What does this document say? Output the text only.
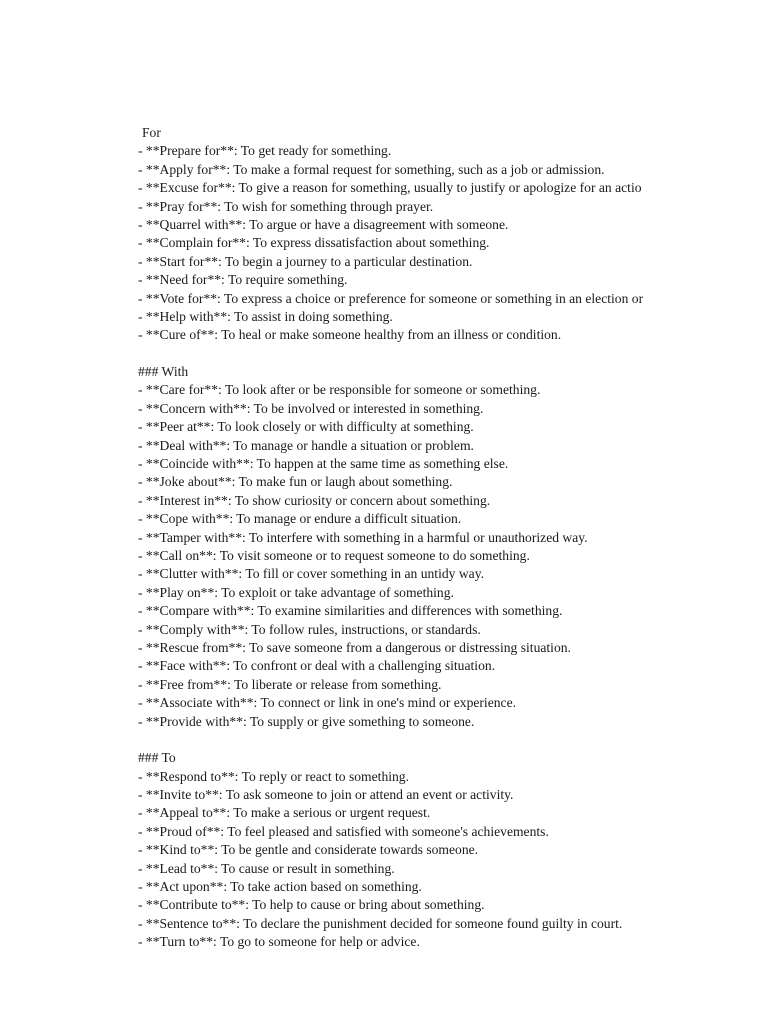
For
- **Prepare for**: To get ready for something.
- **Apply for**: To make a formal request for something, such as a job or admission.
- **Excuse for**: To give a reason for something, usually to justify or apologize for an actio
- **Pray for**: To wish for something through prayer.
- **Quarrel with**: To argue or have a disagreement with someone.
- **Complain for**: To express dissatisfaction about something.
- **Start for**: To begin a journey to a particular destination.
- **Need for**: To require something.
- **Vote for**: To express a choice or preference for someone or something in an election or
- **Help with**: To assist in doing something.
- **Cure of**: To heal or make someone healthy from an illness or condition.
### With
- **Care for**: To look after or be responsible for someone or something.
- **Concern with**: To be involved or interested in something.
- **Peer at**: To look closely or with difficulty at something.
- **Deal with**: To manage or handle a situation or problem.
- **Coincide with**: To happen at the same time as something else.
- **Joke about**: To make fun or laugh about something.
- **Interest in**: To show curiosity or concern about something.
- **Cope with**: To manage or endure a difficult situation.
- **Tamper with**: To interfere with something in a harmful or unauthorized way.
- **Call on**: To visit someone or to request someone to do something.
- **Clutter with**: To fill or cover something in an untidy way.
- **Play on**: To exploit or take advantage of something.
- **Compare with**: To examine similarities and differences with something.
- **Comply with**: To follow rules, instructions, or standards.
- **Rescue from**: To save someone from a dangerous or distressing situation.
- **Face with**: To confront or deal with a challenging situation.
- **Free from**: To liberate or release from something.
- **Associate with**: To connect or link in one's mind or experience.
- **Provide with**: To supply or give something to someone.
### To
- **Respond to**: To reply or react to something.
- **Invite to**: To ask someone to join or attend an event or activity.
- **Appeal to**: To make a serious or urgent request.
- **Proud of**: To feel pleased and satisfied with someone's achievements.
- **Kind to**: To be gentle and considerate towards someone.
- **Lead to**: To cause or result in something.
- **Act upon**: To take action based on something.
- **Contribute to**: To help to cause or bring about something.
- **Sentence to**: To declare the punishment decided for someone found guilty in court.
- **Turn to**: To go to someone for help or advice.
